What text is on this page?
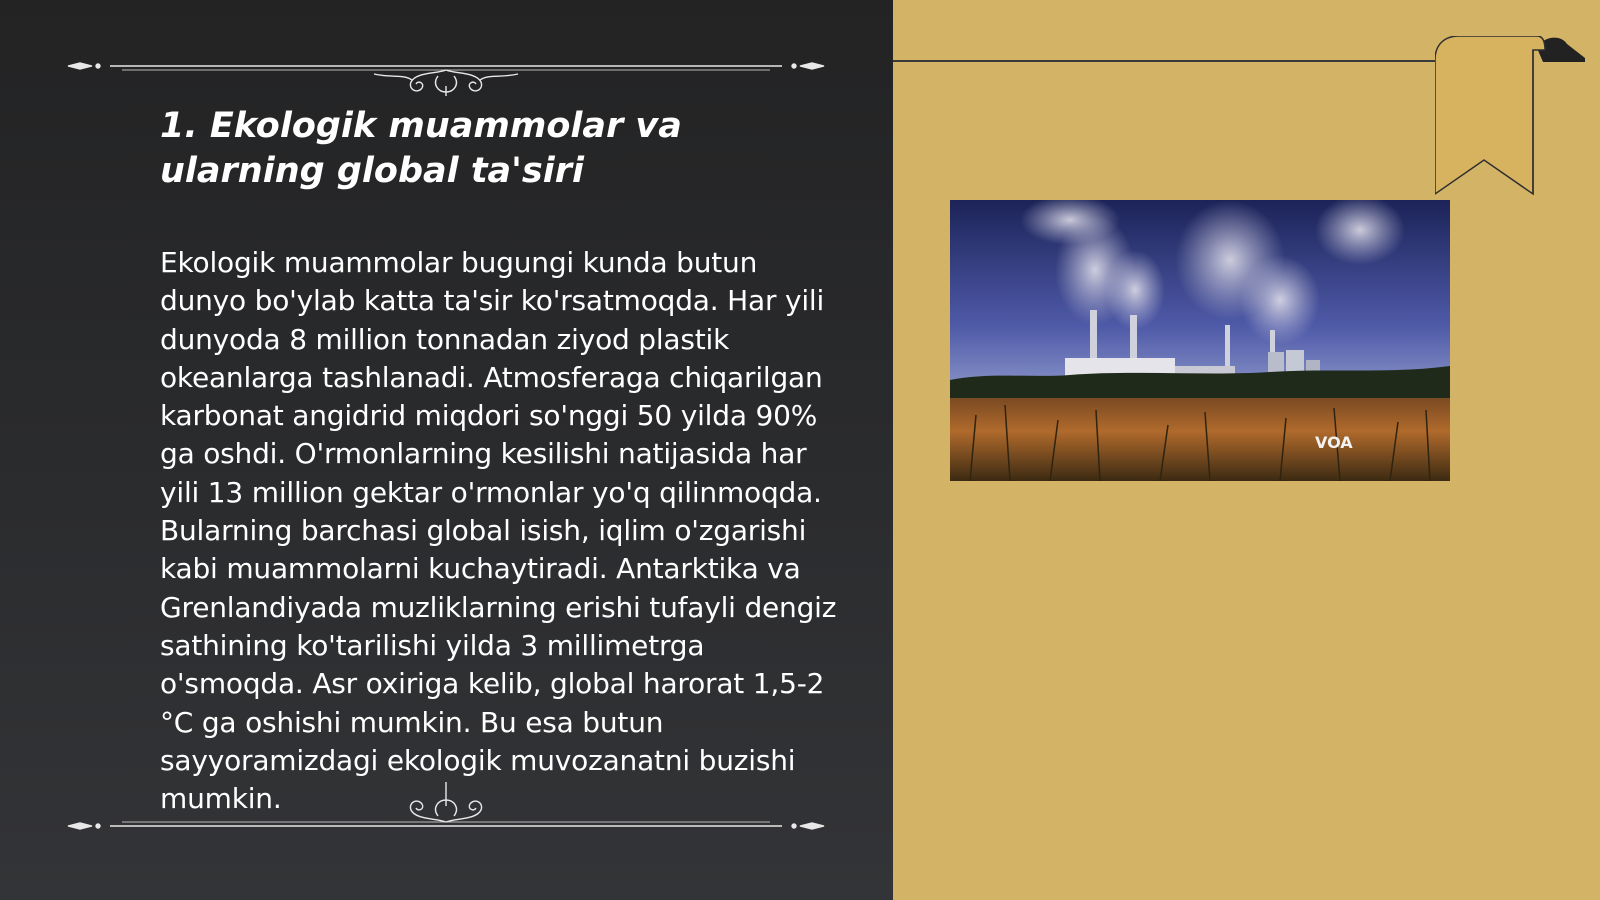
1. Ekologik muammolar va ularning global ta'siri

Ekologik muammolar bugungi kunda butun dunyo bo'ylab katta ta'sir ko'rsatmoqda. Har yili dunyoda 8 million tonnadan ziyod plastik okeanlarga tashlanadi. Atmosferaga chiqarilgan karbonat angidrid miqdori so'nggi 50 yilda 90% ga oshdi. O'rmonlarning kesilishi natijasida har yili 13 million gektar o'rmonlar yo'q qilinmoqda. Bularning barchasi global isish, iqlim o'zgarishi kabi muammolarni kuchaytiradi. Antarktika va Grenlandiyada muzliklarning erishi tufayli dengiz sathining ko'tarilishi yilda 3 millimetrga o'smoqda. Asr oxiriga kelib, global harorat 1,5-2 °C ga oshishi mumkin. Bu esa butun sayyoramizdagi ekologik muvozanatni buzishi mumkin.

VOA
